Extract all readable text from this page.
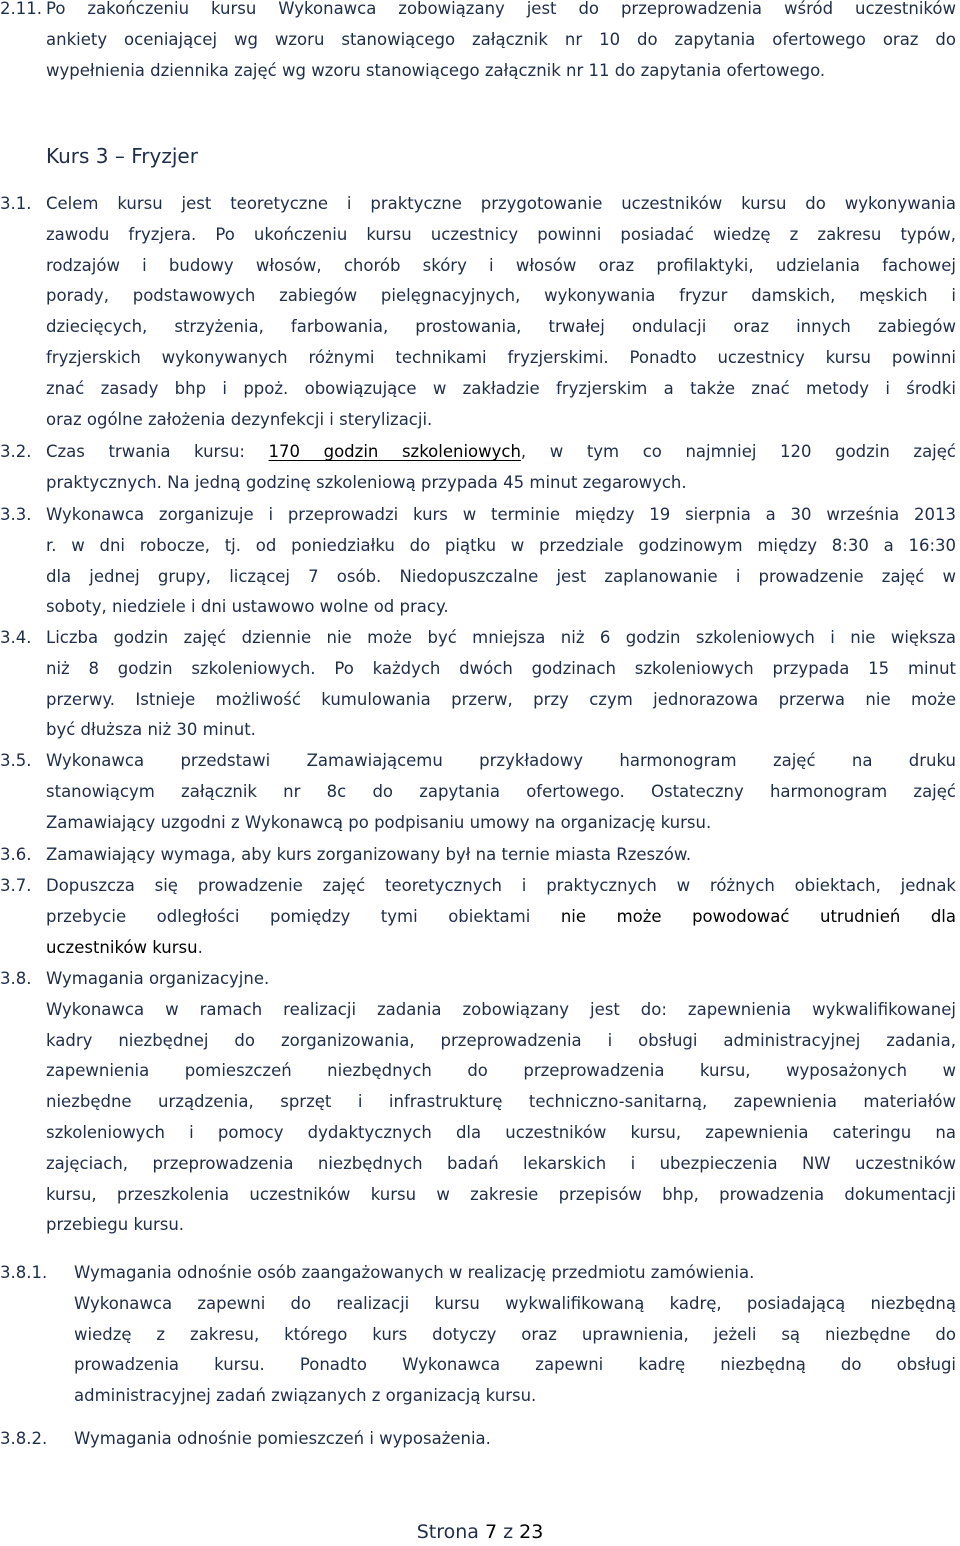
2.11. Po zakończeniu kursu Wykonawca zobowiązany jest do przeprowadzenia wśród uczestników
ankiety oceniającej wg wzoru stanowiącego załącznik nr 10 do zapytania ofertowego oraz do
wypełnienia dziennika zajęć wg wzoru stanowiącego załącznik nr 11 do zapytania ofertowego.
Kurs 3 – Fryzjer
3.1. Celem kursu jest teoretyczne i praktyczne przygotowanie uczestników kursu do wykonywania
zawodu fryzjera. Po ukończeniu kursu uczestnicy powinni posiadać wiedzę z zakresu typów,
rodzajów i budowy włosów, chorób skóry i włosów oraz profilaktyki, udzielania fachowej
porady, podstawowych zabiegów pielęgnacyjnych, wykonywania fryzur damskich, męskich i
dziecięcych, strzyżenia, farbowania, prostowania, trwałej ondulacji oraz innych zabiegów
fryzjerskich wykonywanych różnymi technikami fryzjerskimi. Ponadto uczestnicy kursu powinni
znać zasady bhp i ppoż. obowiązujące w zakładzie fryzjerskim a także znać metody i środki
oraz ogólne założenia dezynfekcji i sterylizacji.
3.2. Czas trwania kursu: 170 godzin szkoleniowych, w tym co najmniej 120 godzin zajęć
praktycznych. Na jedną godzinę szkoleniową przypada 45 minut zegarowych.
3.3. Wykonawca zorganizuje i przeprowadzi kurs w terminie między 19 sierpnia a 30 września 2013
r. w dni robocze, tj. od poniedziałku do piątku w przedziale godzinowym między 8:30 a 16:30
dla jednej grupy, liczącej 7 osób. Niedopuszczalne jest zaplanowanie i prowadzenie zajęć w
soboty, niedziele i dni ustawowo wolne od pracy.
3.4. Liczba godzin zajęć dziennie nie może być mniejsza niż 6 godzin szkoleniowych i nie większa
niż 8 godzin szkoleniowych. Po każdych dwóch godzinach szkoleniowych przypada 15 minut
przerwy. Istnieje możliwość kumulowania przerw, przy czym jednorazowa przerwa nie może
być dłuższa niż 30 minut.
3.5. Wykonawca przedstawi Zamawiającemu przykładowy harmonogram zajęć na druku
stanowiącym załącznik nr 8c do zapytania ofertowego. Ostateczny harmonogram zajęć
Zamawiający uzgodni z Wykonawcą po podpisaniu umowy na organizację kursu.
3.6. Zamawiający wymaga, aby kurs zorganizowany był na ternie miasta Rzeszów.
3.7. Dopuszcza się prowadzenie zajęć teoretycznych i praktycznych w różnych obiektach, jednak
przebycie odległości pomiędzy tymi obiektami nie może powodować utrudnień dla
uczestników kursu.
3.8. Wymagania organizacyjne.
Wykonawca w ramach realizacji zadania zobowiązany jest do: zapewnienia wykwalifikowanej
kadry niezbędnej do zorganizowania, przeprowadzenia i obsługi administracyjnej zadania,
zapewnienia pomieszczeń niezbędnych do przeprowadzenia kursu, wyposażonych w
niezbędne urządzenia, sprzęt i infrastrukturę techniczno-sanitarną, zapewnienia materiałów
szkoleniowych i pomocy dydaktycznych dla uczestników kursu, zapewnienia cateringu na
zajęciach, przeprowadzenia niezbędnych badań lekarskich i ubezpieczenia NW uczestników
kursu, przeszkolenia uczestników kursu w zakresie przepisów bhp, prowadzenia dokumentacji
przebiegu kursu.
3.8.1. Wymagania odnośnie osób zaangażowanych w realizację przedmiotu zamówienia.
Wykonawca zapewni do realizacji kursu wykwalifikowaną kadrę, posiadającą niezbędną
wiedzę z zakresu, którego kurs dotyczy oraz uprawnienia, jeżeli są niezbędne do
prowadzenia kursu. Ponadto Wykonawca zapewni kadrę niezbędną do obsługi
administracyjnej zadań związanych z organizacją kursu.
3.8.2. Wymagania odnośnie pomieszczeń i wyposażenia.
Strona 7 z 23
